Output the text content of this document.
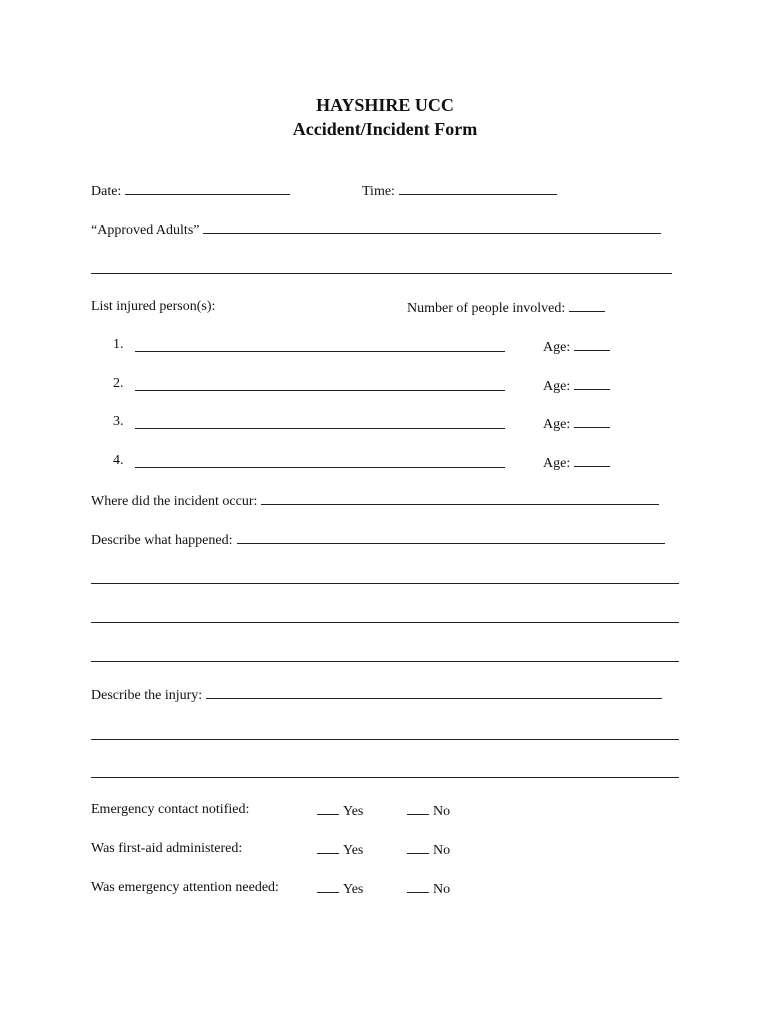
HAYSHIRE UCC
Accident/Incident Form
Date:	Time:
“Approved Adults”
List injured person(s):	Number of people involved:
1.	Age:
2.	Age:
3.	Age:
4.	Age:
Where did the incident occur:
Describe what happened:
Describe the injury:
Emergency contact notified:	Yes	No
Was first-aid administered:	Yes	No
Was emergency attention needed:	Yes	No
